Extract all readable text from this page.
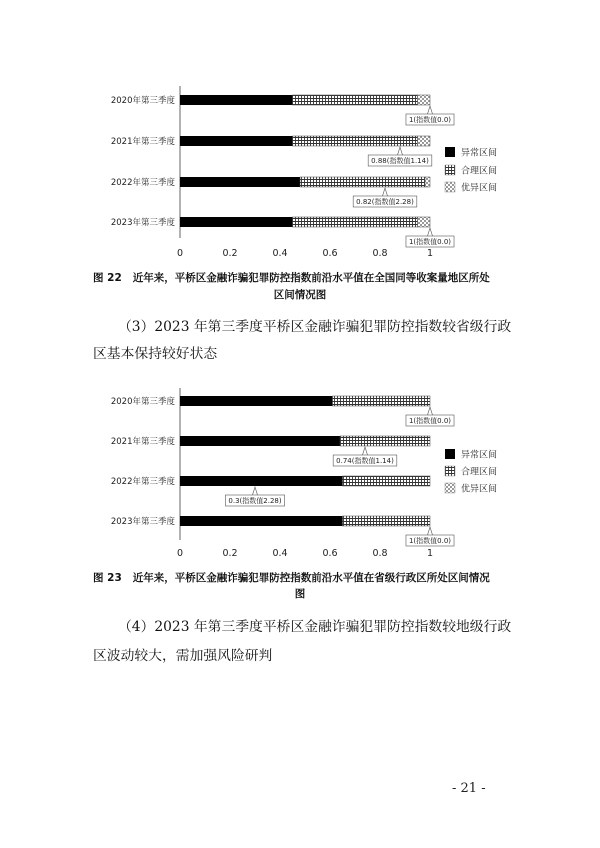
2020年第三季度
1(指数值0.0)
2021年第三季度
0.88(指数值1.14)
2022年第三季度
0.82(指数值2.28)
2023年第三季度
1(指数值0.0)
0	0.2	0.4	0.6	0.8	1
异常区间
合理区间
优异区间
图 22 近年来，平桥区金融诈骗犯罪防控指数前沿水平值在全国同等收案量地区所处
区间情况图
（3）2023 年第三季度平桥区金融诈骗犯罪防控指数较省级行政
区基本保持较好状态
2020年第三季度
1(指数值0.0)
2021年第三季度
0.74(指数值1.14)
2022年第三季度
0.3(指数值2.28)
2023年第三季度
1(指数值0.0)
0	0.2	0.4	0.6	0.8	1
异常区间
合理区间
优异区间
图 23 近年来，平桥区金融诈骗犯罪防控指数前沿水平值在省级行政区所处区间情况
图
（4）2023 年第三季度平桥区金融诈骗犯罪防控指数较地级行政
区波动较大，需加强风险研判
- 21 -
